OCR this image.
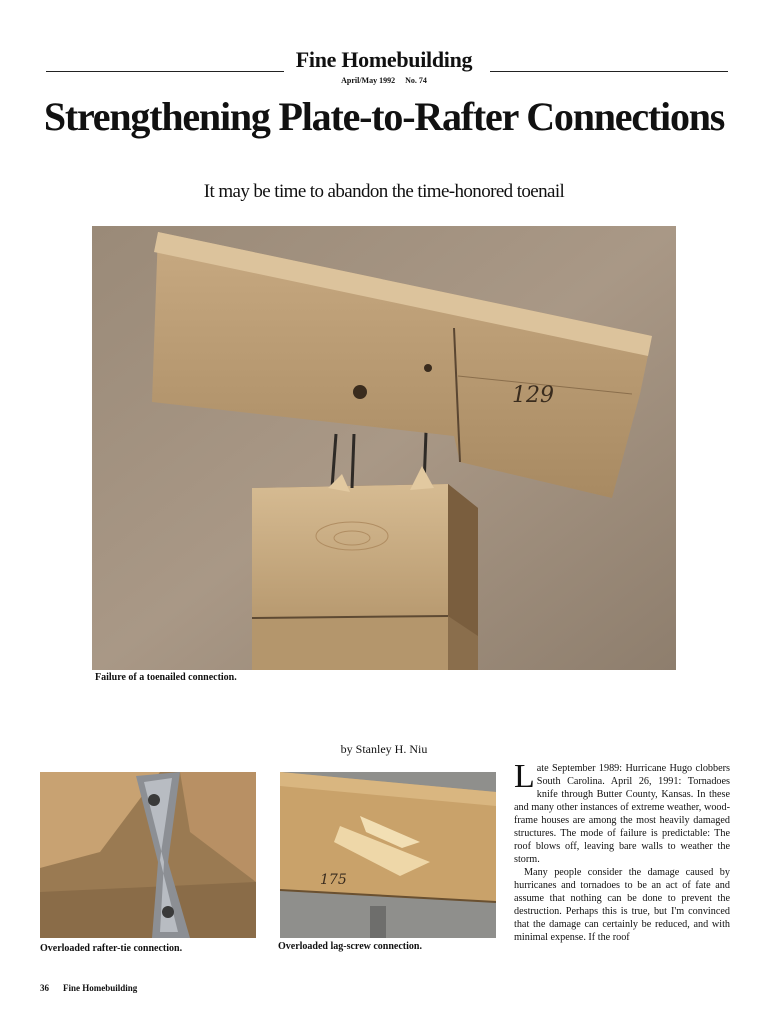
Fine Homebuilding
April/May 1992 No. 74
Strengthening Plate-to-Rafter Connections
It may be time to abandon the time-honored toenail
129
Failure of a toenailed connection.
by Stanley H. Niu
Overloaded rafter-tie connection.
175
Overloaded lag-screw connection.

Late September 1989: Hurricane Hugo clobbers South Carolina. April 26, 1991: Tornadoes knife through Butter County, Kansas. In these and many other instances of extreme weather, wood-frame houses are among the most heavily damaged structures. The mode of failure is predictable: The roof blows off, leaving bare walls to weather the storm.

Many people consider the damage caused by hurricanes and tornadoes to be an act of fate and assume that nothing can be done to prevent the destruction. Perhaps this is true, but I'm convinced that the damage can certainly be reduced, and with minimal expense. If the roof

36 Fine Homebuilding
